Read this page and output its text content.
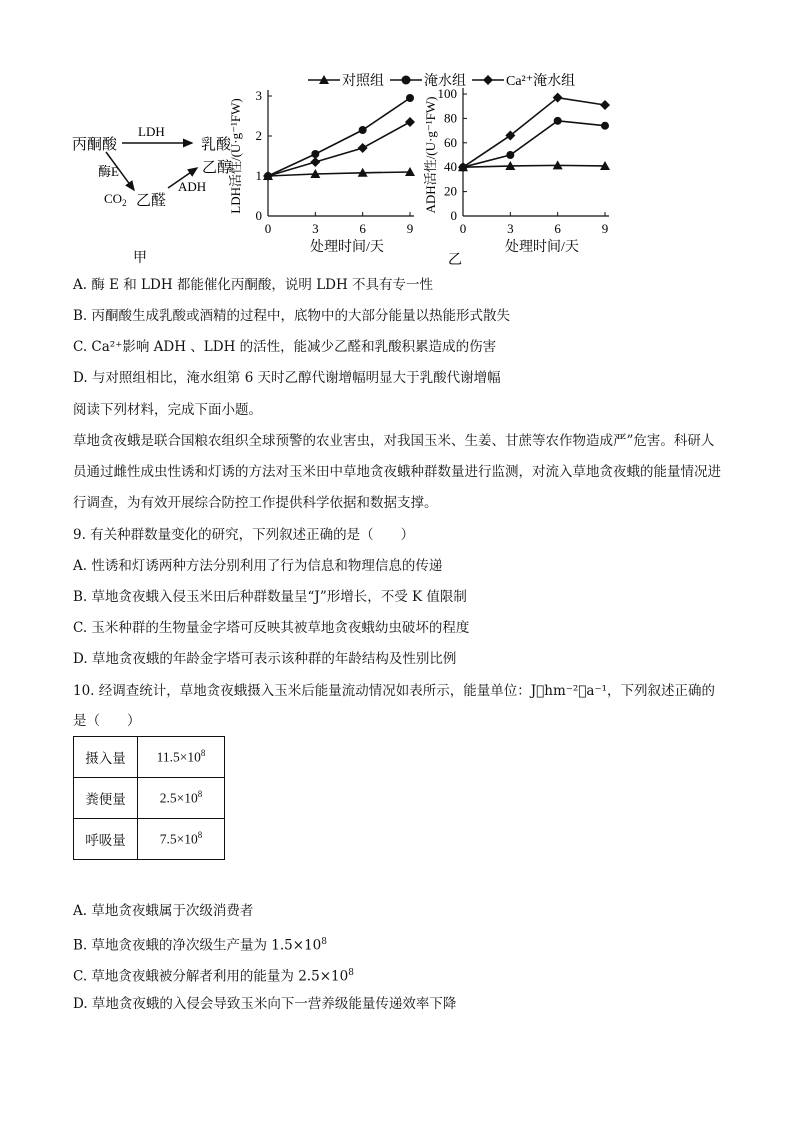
对照组	淹水组	Ca²⁺淹水组
丙酮酸
LDH
乳酸
酶E
$CO_2$ 乙醛
乙醇
ADH
甲
0
1
2
3
0	3	6	9
处理时间/天
LDH活性/(U·g⁻¹FW)
0
20
40
60
80
100
0	3	6	9
处理时间/天
ADH活性/(U·g⁻¹FW)
乙
A. 酶 E 和 LDH 都能催化丙酮酸，说明 LDH 不具有专一性
B. 丙酮酸生成乳酸或酒精的过程中，底物中的大部分能量以热能形式散失
C. Ca²⁺影响 ADH 、LDH 的活性，能减少乙醛和乳酸积累造成的伤害
D. 与对照组相比，淹水组第 6 天时乙醇代谢增幅明显大于乳酸代谢增幅
阅读下列材料，完成下面小题。
草地贪夜蛾是联合国粮农组织全球预警的农业害虫，对我国玉米、生姜、甘蔗等农作物造成严”危害。科研人员通过雌性成虫性诱和灯诱的方法对玉米田中草地贪夜蛾种群数量进行监测，对流入草地贪夜蛾的能量情况进行调查，为有效开展综合防控工作提供科学依据和数据支撑。
9. 有关种群数量变化的研究，下列叙述正确的是（　　）
A. 性诱和灯诱两种方法分别利用了行为信息和物理信息的传递
B. 草地贪夜蛾入侵玉米田后种群数量呈“J”形增长，不受 K 值限制
C. 玉米种群的生物量金字塔可反映其被草地贪夜蛾幼虫破坏的程度
D. 草地贪夜蛾的年龄金字塔可表示该种群的年龄结构及性别比例
10. 经调查统计，草地贪夜蛾摄入玉米后能量流动情况如表所示，能量单位：J󰀀hm⁻²󰀀a⁻¹，下列叙述正确的
是（　　）
摄入量	$11.5\times 10^8$
粪便量	$2.5\times 10^8$
呼吸量	$7.5\times 10^8$
A. 草地贪夜蛾属于次级消费者
B. 草地贪夜蛾的净次级生产量为 $1.5\times 10^8$
C. 草地贪夜蛾被分解者利用的能量为 $2.5\times 10^8$
D. 草地贪夜蛾的入侵会导致玉米向下一营养级能量传递效率下降
